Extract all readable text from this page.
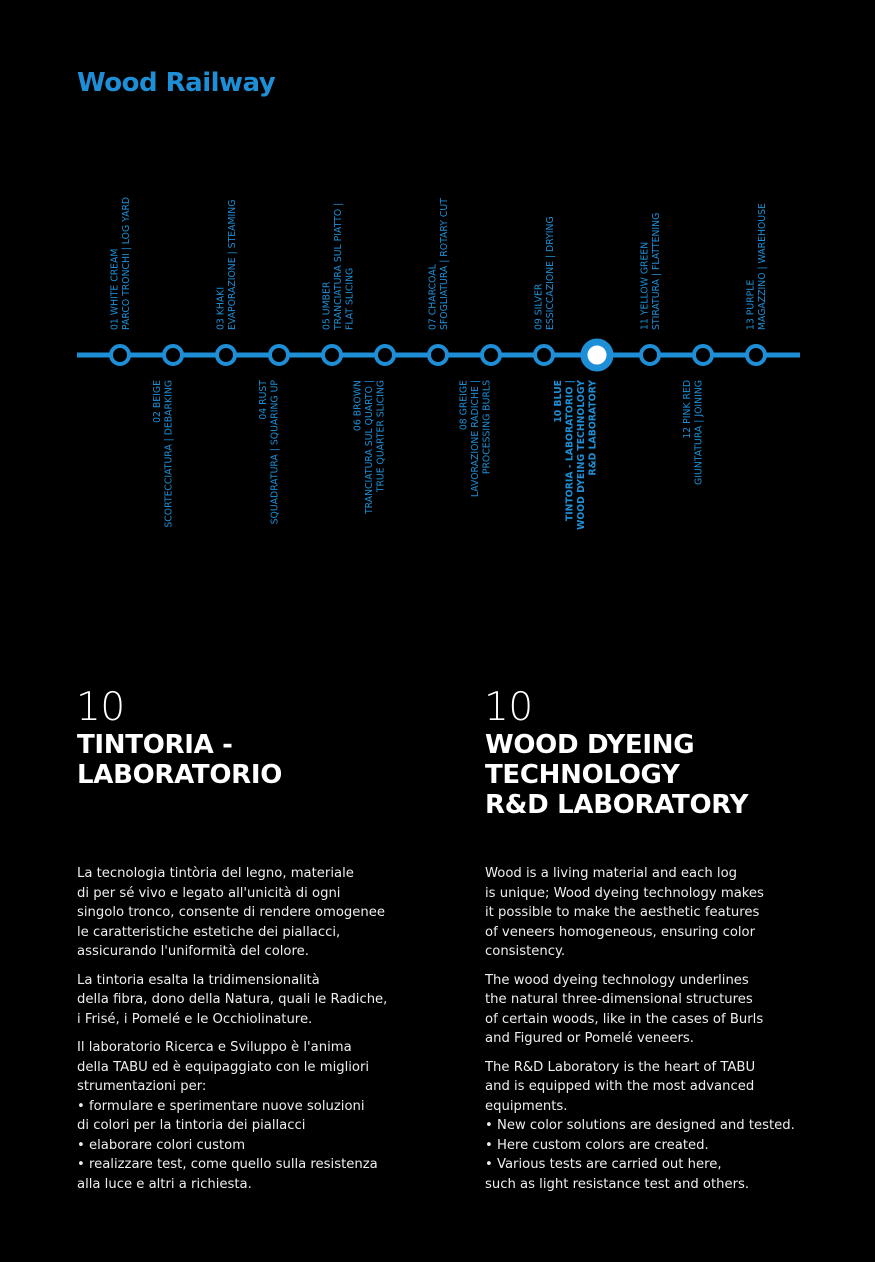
Wood Railway
01 WHITE CREAM PARCO TRONCHI | LOG YARD
02 BEIGE SCORTECCIATURA | DEBARKING
03 KHAKI EVAPORAZIONE | STEAMING
04 RUST SQUADRATURA | SQUARING UP
05 UMBER TRANCIATURA SUL PIATTO | FLAT SLICING
06 BROWN TRANCIATURA SUL QUARTO | TRUE QUARTER SLICING
07 CHARCOAL SFOGLIATURA | ROTARY CUT
08 GREIGE LAVORAZIONE RADICHE | PROCESSING BURLS
09 SILVER ESSICCAZIONE | DRYING
10 BLUE TINTORIA - LABORATORIO | WOOD DYEING TECHNOLOGY R&D LABORATORY
11 YELLOW GREEN STIRATURA | FLATTENING
12 PINK RED GIUNTATURA | JOINING
13 PURPLE MAGAZZINO | WAREHOUSE
10
TINTORIA -
LABORATORIO
10
WOOD DYEING
TECHNOLOGY
R&D LABORATORY

La tecnologia tintòria del legno, materiale
di per sé vivo e legato all'unicità di ogni
singolo tronco, consente di rendere omogenee
le caratteristiche estetiche dei piallacci,
assicurando l'uniformità del colore.

La tintoria esalta la tridimensionalità
della fibra, dono della Natura, quali le Radiche,
i Frisé, i Pomelé e le Occhiolinature.

Il laboratorio Ricerca e Sviluppo è l'anima
della TABU ed è equipaggiato con le migliori
strumentazioni per:

• formulare e sperimentare nuove soluzioni
di colori per la tintoria dei piallacci
• elaborare colori custom
• realizzare test, come quello sulla resistenza
alla luce e altri a richiesta.

Wood is a living material and each log
is unique; Wood dyeing technology makes
it possible to make the aesthetic features
of veneers homogeneous, ensuring color
consistency.

The wood dyeing technology underlines
the natural three-dimensional structures
of certain woods, like in the cases of Burls
and Figured or Pomelé veneers.

The R&D Laboratory is the heart of TABU
and is equipped with the most advanced
equipments.

• New color solutions are designed and tested.
• Here custom colors are created.
• Various tests are carried out here,
such as light resistance test and others.
